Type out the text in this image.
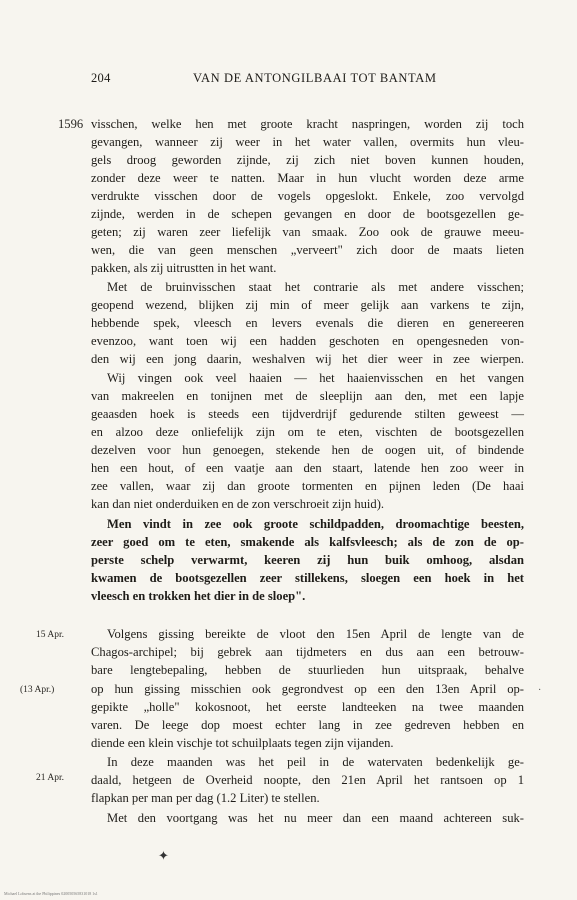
204	VAN DE ANTONGILBAAI TOT BANTAM
1596
15 Apr.
(13 Apr.)
21 Apr.
visschen, welke hen met groote kracht naspringen, worden zij toch
gevangen, wanneer zij weer in het water vallen, overmits hun vleu-
gels droog geworden zijnde, zij zich niet boven kunnen houden,
zonder deze weer te natten. Maar in hun vlucht worden deze arme
verdrukte visschen door de vogels opgeslokt. Enkele, zoo vervolgd
zijnde, werden in de schepen gevangen en door de bootsgezellen ge-
geten; zij waren zeer liefelijk van smaak. Zoo ook de grauwe meeu-
wen, die van geen menschen „verveert" zich door de maats lieten
pakken, als zij uitrustten in het want.
Met de bruinvisschen staat het contrarie als met andere visschen;
geopend wezend, blijken zij min of meer gelijk aan varkens te zijn,
hebbende spek, vleesch en levers evenals die dieren en genereeren
evenzoo, want toen wij een hadden geschoten en opengesneden von-
den wij een jong daarin, weshalven wij het dier weer in zee wierpen.
Wij vingen ook veel haaien — het haaienvisschen en het vangen
van makreelen en tonijnen met de sleeplijn aan den, met een lapje
geaasden hoek is steeds een tijdverdrijf gedurende stilten geweest —
en alzoo deze onliefelijk zijn om te eten, vischten de bootsgezellen
dezelven voor hun genoegen, stekende hen de oogen uit, of bindende
hen een hout, of een vaatje aan den staart, latende hen zoo weer in
zee vallen, waar zij dan groote tormenten en pijnen leden (De haai
kan dan niet onderduiken en de zon verschroeit zijn huid).
Men vindt in zee ook groote schildpadden, droomachtige beesten,
zeer goed om te eten, smakende als kalfsvleesch; als de zon de op-
perste schelp verwarmt, keeren zij hun buik omhoog, alsdan
kwamen de bootsgezellen zeer stillekens, sloegen een hoek in het
vleesch en trokken het dier in de sloep".
Volgens gissing bereikte de vloot den 15en April de lengte van de
Chagos-archipel; bij gebrek aan tijdmeters en dus aan een betrouw-
bare lengtebepaling, hebben de stuurlieden hun uitspraak, behalve
op hun gissing misschien ook gegrondvest op een den 13en April op-
gepikte „holle" kokosnoot, het eerste landteeken na twee maanden
varen. De leege dop moest echter lang in zee gedreven hebben en
diende een klein vischje tot schuilplaats tegen zijn vijanden.
In deze maanden was het peil in de watervaten bedenkelijk ge-
daald, hetgeen de Overheid noopte, den 21en April het rantsoen op 1
flapkan per man per dag (1.2 Liter) te stellen.
Met den voortgang was het nu meer dan een maand achtereen suk-
·
✦
Michael Lobsens at the Philippines 020050565831018 1s1
